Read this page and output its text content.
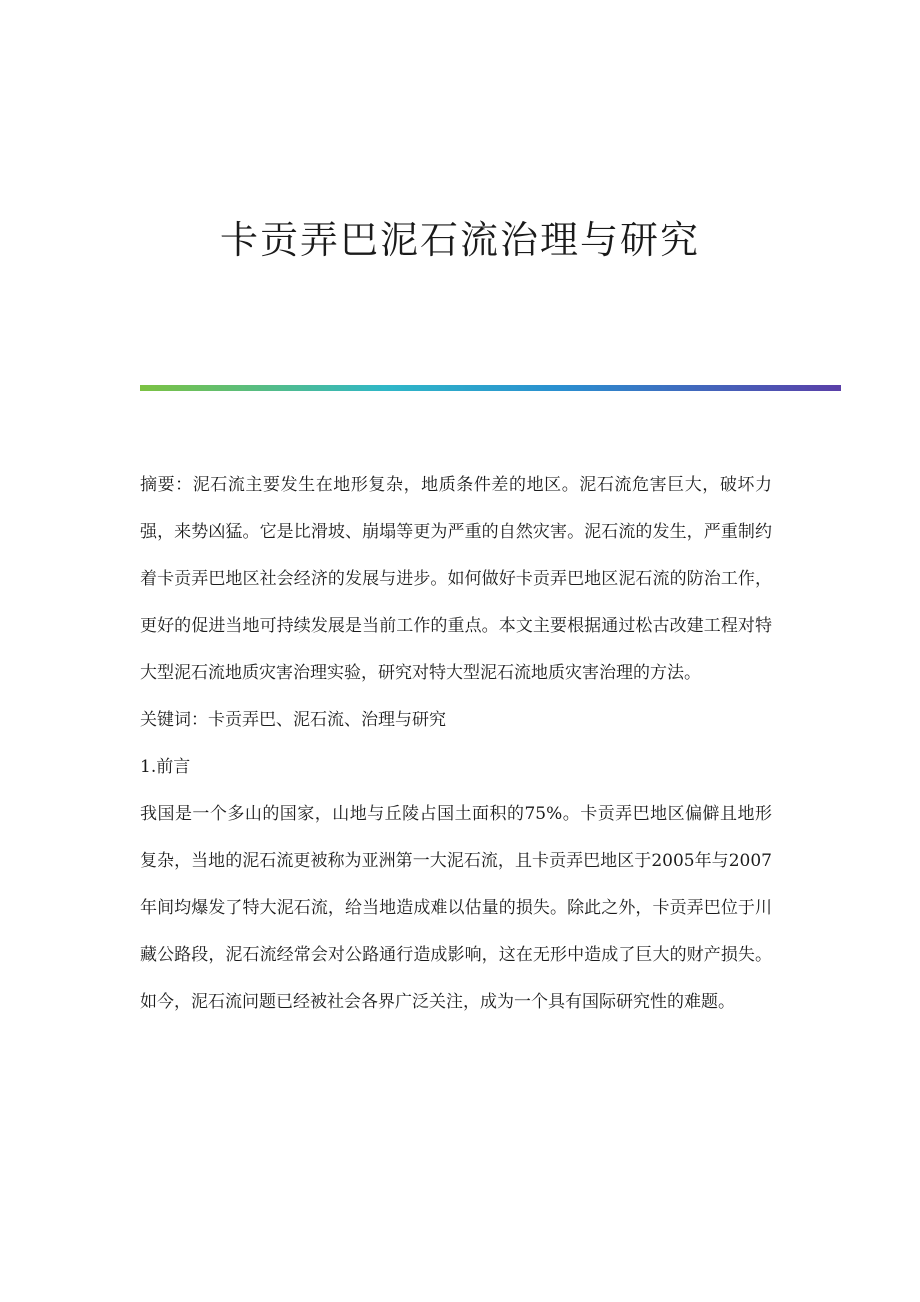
卡贡弄巴泥石流治理与研究

摘要：泥石流主要发生在地形复杂，地质条件差的地区。泥石流危害巨大，破坏力强，来势凶猛。它是比滑坡、崩塌等更为严重的自然灾害。泥石流的发生，严重制约着卡贡弄巴地区社会经济的发展与进步。如何做好卡贡弄巴地区泥石流的防治工作，更好的促进当地可持续发展是当前工作的重点。本文主要根据通过松古改建工程对特大型泥石流地质灾害治理实验，研究对特大型泥石流地质灾害治理的方法。

关键词：卡贡弄巴、泥石流、治理与研究

1.前言

我国是一个多山的国家，山地与丘陵占国土面积的75%。卡贡弄巴地区偏僻且地形复杂，当地的泥石流更被称为亚洲第一大泥石流，且卡贡弄巴地区于2005年与2007年间均爆发了特大泥石流，给当地造成难以估量的损失。除此之外，卡贡弄巴位于川藏公路段，泥石流经常会对公路通行造成影响，这在无形中造成了巨大的财产损失。如今，泥石流问题已经被社会各界广泛关注，成为一个具有国际研究性的难题。
